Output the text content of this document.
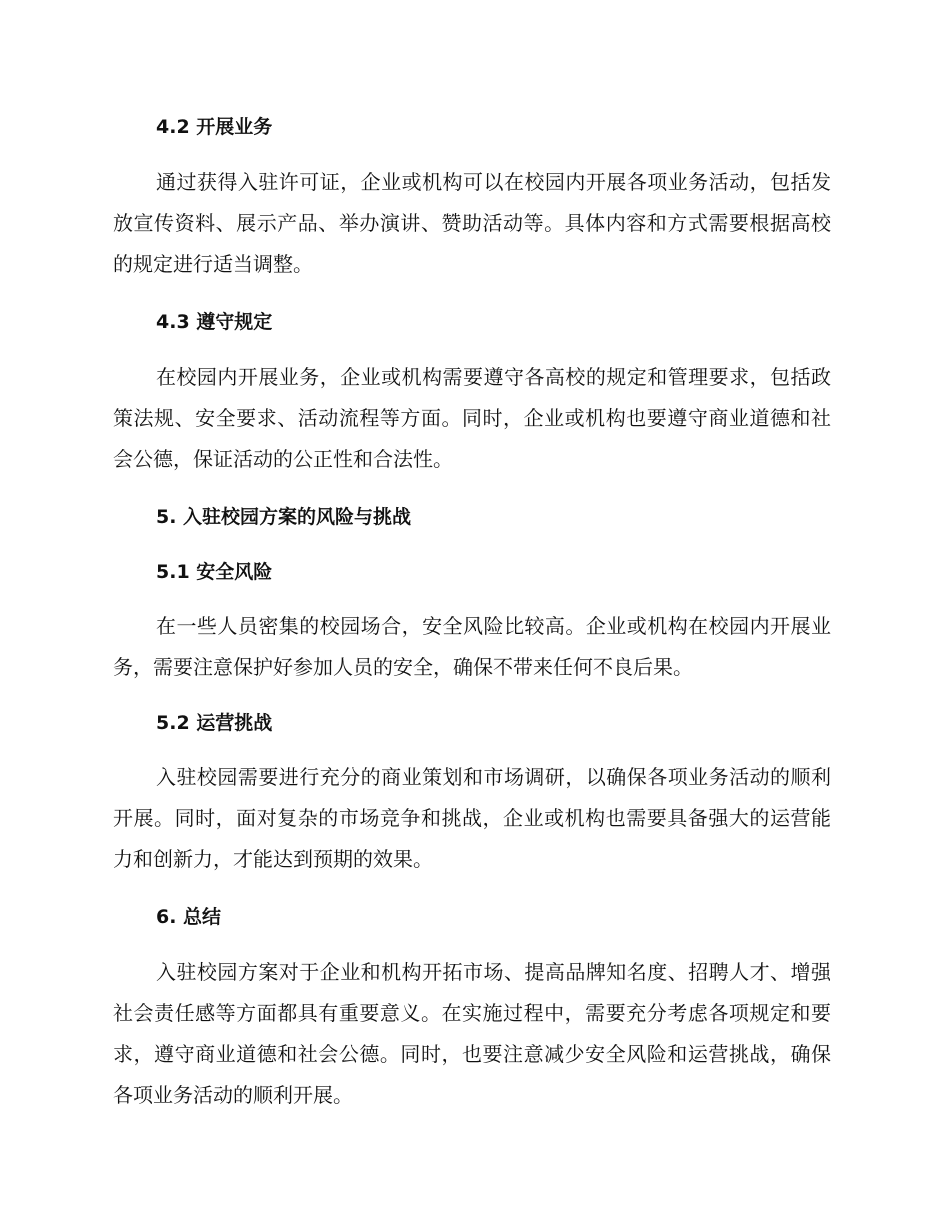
4.2 开展业务

通过获得入驻许可证，企业或机构可以在校园内开展各项业务活动，包括发放宣传资料、展示产品、举办演讲、赞助活动等。具体内容和方式需要根据高校的规定进行适当调整。

4.3 遵守规定

在校园内开展业务，企业或机构需要遵守各高校的规定和管理要求，包括政策法规、安全要求、活动流程等方面。同时，企业或机构也要遵守商业道德和社会公德，保证活动的公正性和合法性。

5. 入驻校园方案的风险与挑战
5.1 安全风险

在一些人员密集的校园场合，安全风险比较高。企业或机构在校园内开展业务，需要注意保护好参加人员的安全，确保不带来任何不良后果。

5.2 运营挑战

入驻校园需要进行充分的商业策划和市场调研，以确保各项业务活动的顺利开展。同时，面对复杂的市场竞争和挑战，企业或机构也需要具备强大的运营能力和创新力，才能达到预期的效果。

6. 总结

入驻校园方案对于企业和机构开拓市场、提高品牌知名度、招聘人才、增强社会责任感等方面都具有重要意义。在实施过程中，需要充分考虑各项规定和要求，遵守商业道德和社会公德。同时，也要注意减少安全风险和运营挑战，确保各项业务活动的顺利开展。
